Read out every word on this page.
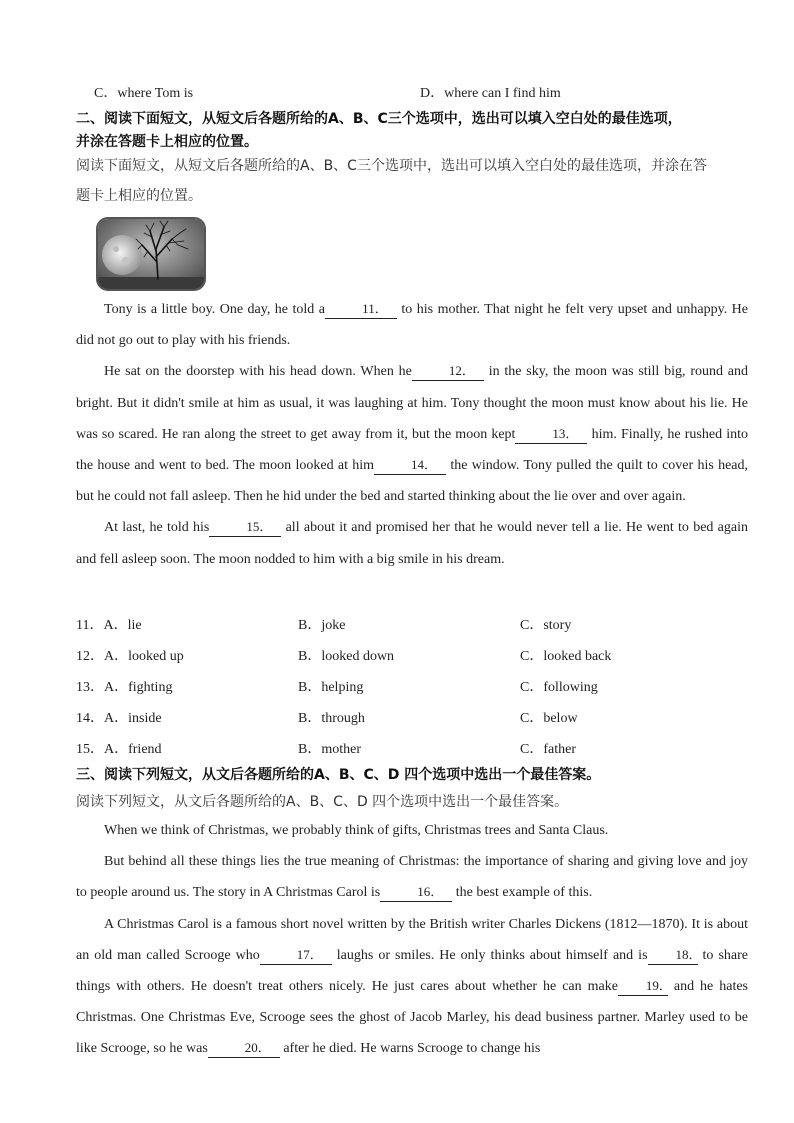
C．where Tom is	D．where can I find him
二、阅读下面短文，从短文后各题所给的A、B、C三个选项中，选出可以填入空白处的最佳选项，
并涂在答题卡上相应的位置。
阅读下面短文，从短文后各题所给的A、B、C三个选项中，选出可以填入空白处的最佳选项，并涂在答
题卡上相应的位置。

Tony is a little boy. One day, he told a	11． to his mother. That night he felt very upset and unhappy. He did not go out to play with his friends.

He sat on the doorstep with his head down. When he	12． in the sky, the moon was still big, round and bright. But it didn't smile at him as usual, it was laughing at him. Tony thought the moon must know about his lie. He was so scared. He ran along the street to get away from it, but the moon kept	13． him. Finally, he rushed into the house and went to bed. The moon looked at him	14． the window. Tony pulled the quilt to cover his head, but he could not fall asleep. Then he hid under the bed and started thinking about the lie over and over again.

At last, he told his	15． all about it and promised her that he would never tell a lie. He went to bed again and fell asleep soon. The moon nodded to him with a big smile in his dream.

11．A．lie	B．joke	C．story
12．A．looked up	B．looked down	C．looked back
13．A．fighting	B．helping	C．following
14．A．inside	B．through	C．below
15．A．friend	B．mother	C．father
三、阅读下列短文，从文后各题所给的A、B、C、D 四个选项中选出一个最佳答案。
阅读下列短文，从文后各题所给的A、B、C、D 四个选项中选出一个最佳答案。

When we think of Christmas, we probably think of gifts, Christmas trees and Santa Claus.

But behind all these things lies the true meaning of Christmas: the importance of sharing and giving love and joy to people around us. The story in A Christmas Carol is	16． the best example of this.

A Christmas Carol is a famous short novel written by the British writer Charles Dickens (1812—1870). It is about an old man called Scrooge who	17． laughs or smiles. He only thinks about himself and is 18． to share things with others. He doesn't treat others nicely. He just cares about whether he can make 19． and he hates Christmas. One Christmas Eve, Scrooge sees the ghost of Jacob Marley, his dead business partner. Marley used to be like Scrooge, so he was	20． after he died. He warns Scrooge to change his
